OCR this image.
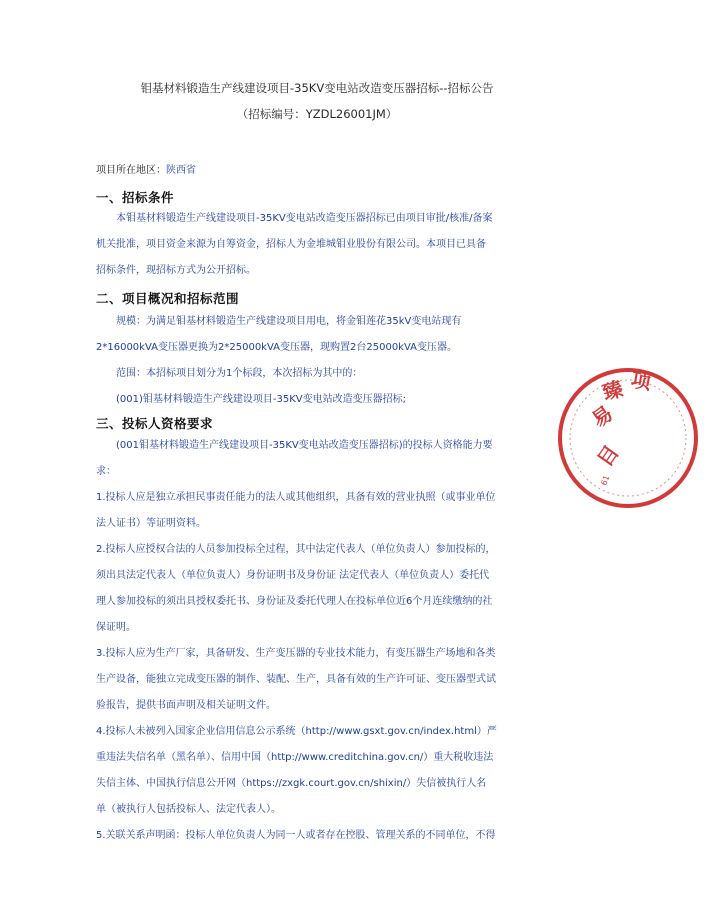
钼基材料锻造生产线建设项目-35KV变电站改造变压器招标--招标公告
（招标编号：YZDL26001JM）
项目所在地区：陕西省
一、招标条件
本钼基材料锻造生产线建设项目-35KV变电站改造变压器招标已由项目审批/核准/备案
机关批准，项目资金来源为自筹资金，招标人为金堆城钼业股份有限公司。本项目已具备
招标条件，现招标方式为公开招标。
二、项目概况和招标范围
规模：为满足钼基材料锻造生产线建设项目用电，将金钼莲花35kV变电站现有
2*16000kVA变压器更换为2*25000kVA变压器，现购置2台25000kVA变压器。
范围：本招标项目划分为1个标段，本次招标为其中的：
(001)钼基材料锻造生产线建设项目-35KV变电站改造变压器招标;
三、投标人资格要求
(001钼基材料锻造生产线建设项目-35KV变电站改造变压器招标)的投标人资格能力要
求：
1.投标人应是独立承担民事责任能力的法人或其他组织，具备有效的营业执照（或事业单位
法人证书）等证明资料。
2.投标人应授权合法的人员参加投标全过程，其中法定代表人（单位负责人）参加投标的，
须出具法定代表人（单位负责人）身份证明书及身份证 法定代表人（单位负责人）委托代
理人参加投标的须出具授权委托书、身份证及委托代理人在投标单位近6个月连续缴纳的社
保证明。
3.投标人应为生产厂家，具备研发、生产变压器的专业技术能力，有变压器生产场地和各类
生产设备，能独立完成变压器的制作、装配、生产，具备有效的生产许可证、变压器型式试
验报告，提供书面声明及相关证明文件。
4.投标人未被列入国家企业信用信息公示系统（http://www.gsxt.gov.cn/index.html）严
重违法失信名单（黑名单）、信用中国（http://www.creditchina.gov.cn/）重大税收违法
失信主体、中国执行信息公开网（https://zxgk.court.gov.cn/shixin/）失信被执行人名
单（被执行人包括投标人、法定代表人）。
5.关联关系声明函：投标人单位负责人为同一人或者存在控股、管理关系的不同单位，不得
易
臻 项
目
61
